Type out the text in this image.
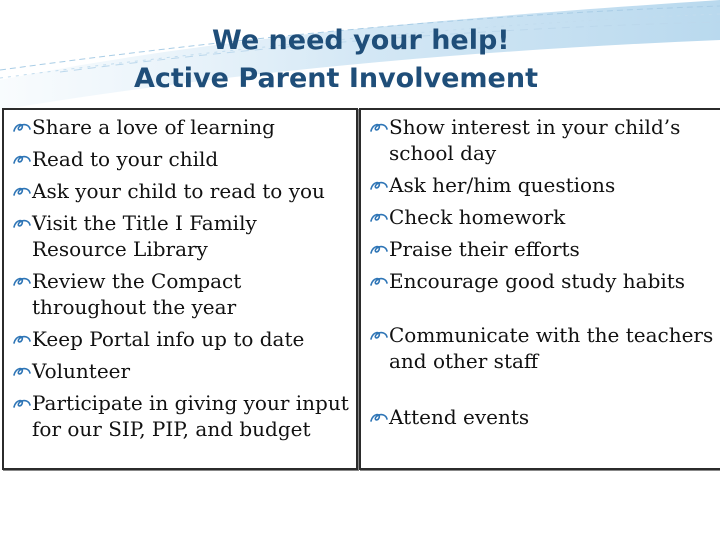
We need your help!
Active Parent Involvement
Share a love of learning
Read to your child
Ask your child to read to you
Visit the Title I Family Resource Library
Review the Compact throughout the year
Keep Portal info up to date
Volunteer
Participate in giving your input for our SIP, PIP, and budget
Show interest in your child’s school day
Ask her/him questions
Check homework
Praise their efforts
Encourage good study habits
Communicate with the teachers and other staff
Attend events
